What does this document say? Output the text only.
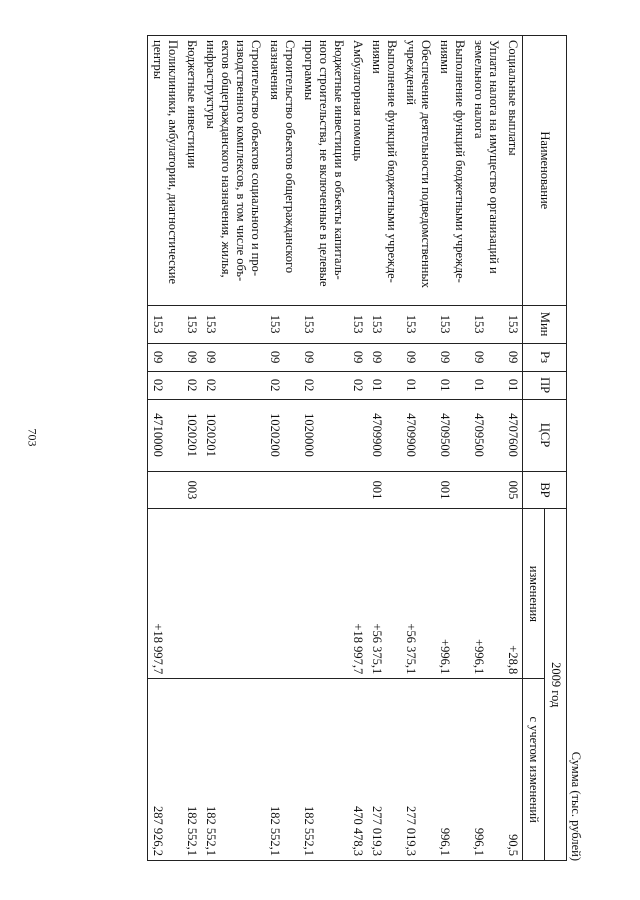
703
Сумма (тыс. рублей)
Наименование	Мин	Рз	ПР	ЦСР	ВР	2009 год	
						изменения	с учетом изменений
Социальные выплаты	153	09	01	4707600	005	+28,8	90,5
Уплата налога на имущество организаций и земельного налога	153	09	01	4709500		+996,1	996,1
Выполнение функций бюджетными учрежде-ниями	153	09	01	4709500	001	+996,1	996,1
Обеспечение деятельности подведомственных учреждений	153	09	01	4709900		+56 375,1	277 019,3
Выполнение функций бюджетными учрежде-ниями	153	09	01	4709900	001	+56 375,1	277 019,3
Амбулаторная помощь	153	09	02			+18 997,7	470 478,3
Бюджетные инвестиции в объекты капиталь-ного строительства, не включенные в целевые программы	153	09	02	1020000			182 552,1
Строительство объектов общегражданского назначения	153	09	02	1020200			182 552,1
Строительство объектов социального и про-изводственного комплексов, в том числе объ-ектов общегражданского назначения, жилья, инфраструктуры	153	09	02	1020201			182 552,1
Бюджетные инвестиции	153	09	02	1020201	003		182 552,1
Поликлиники, амбулатории, диагностические центры	153	09	02	4710000		+18 997,7	287 926,2
